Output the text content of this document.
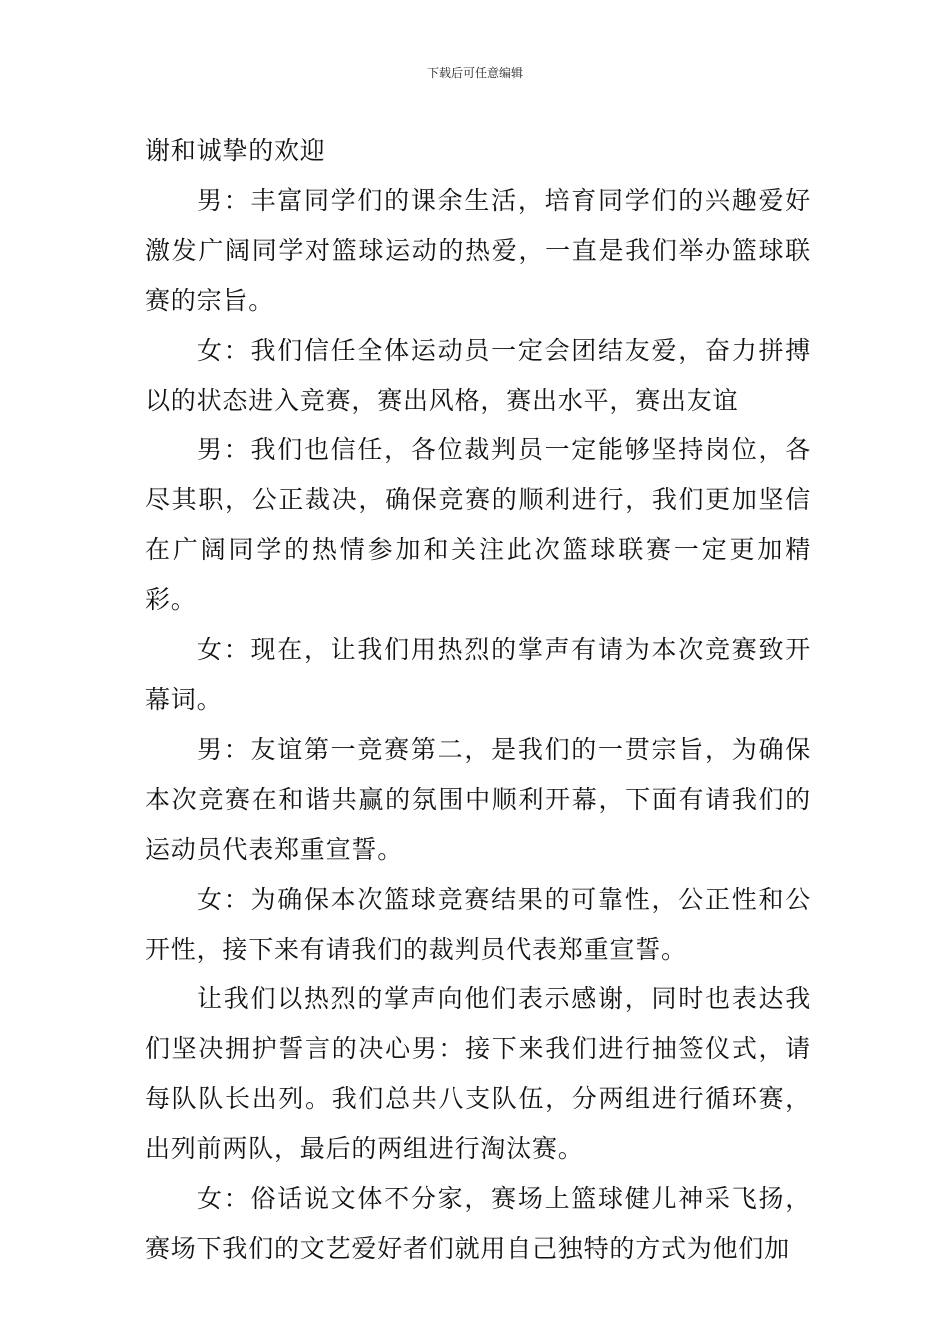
下载后可任意编辑

谢和诚挚的欢迎

男：丰富同学们的课余生活，培育同学们的兴趣爱好激发广阔同学对篮球运动的热爱，一直是我们举办篮球联赛的宗旨。

女：我们信任全体运动员一定会团结友爱，奋力拼搏以的状态进入竞赛，赛出风格，赛出水平，赛出友谊

男：我们也信任，各位裁判员一定能够坚持岗位，各尽其职，公正裁决，确保竞赛的顺利进行，我们更加坚信在广阔同学的热情参加和关注此次篮球联赛一定更加精彩。

女：现在，让我们用热烈的掌声有请为本次竞赛致开幕词。

男：友谊第一竞赛第二，是我们的一贯宗旨，为确保本次竞赛在和谐共赢的氛围中顺利开幕，下面有请我们的运动员代表郑重宣誓。

女：为确保本次篮球竞赛结果的可靠性，公正性和公开性，接下来有请我们的裁判员代表郑重宣誓。

让我们以热烈的掌声向他们表示感谢，同时也表达我们坚决拥护誓言的决心男：接下来我们进行抽签仪式，请每队队长出列。我们总共八支队伍，分两组进行循环赛，出列前两队，最后的两组进行淘汰赛。

女：俗话说文体不分家，赛场上篮球健儿神采飞扬，赛场下我们的文艺爱好者们就用自己独特的方式为他们加
